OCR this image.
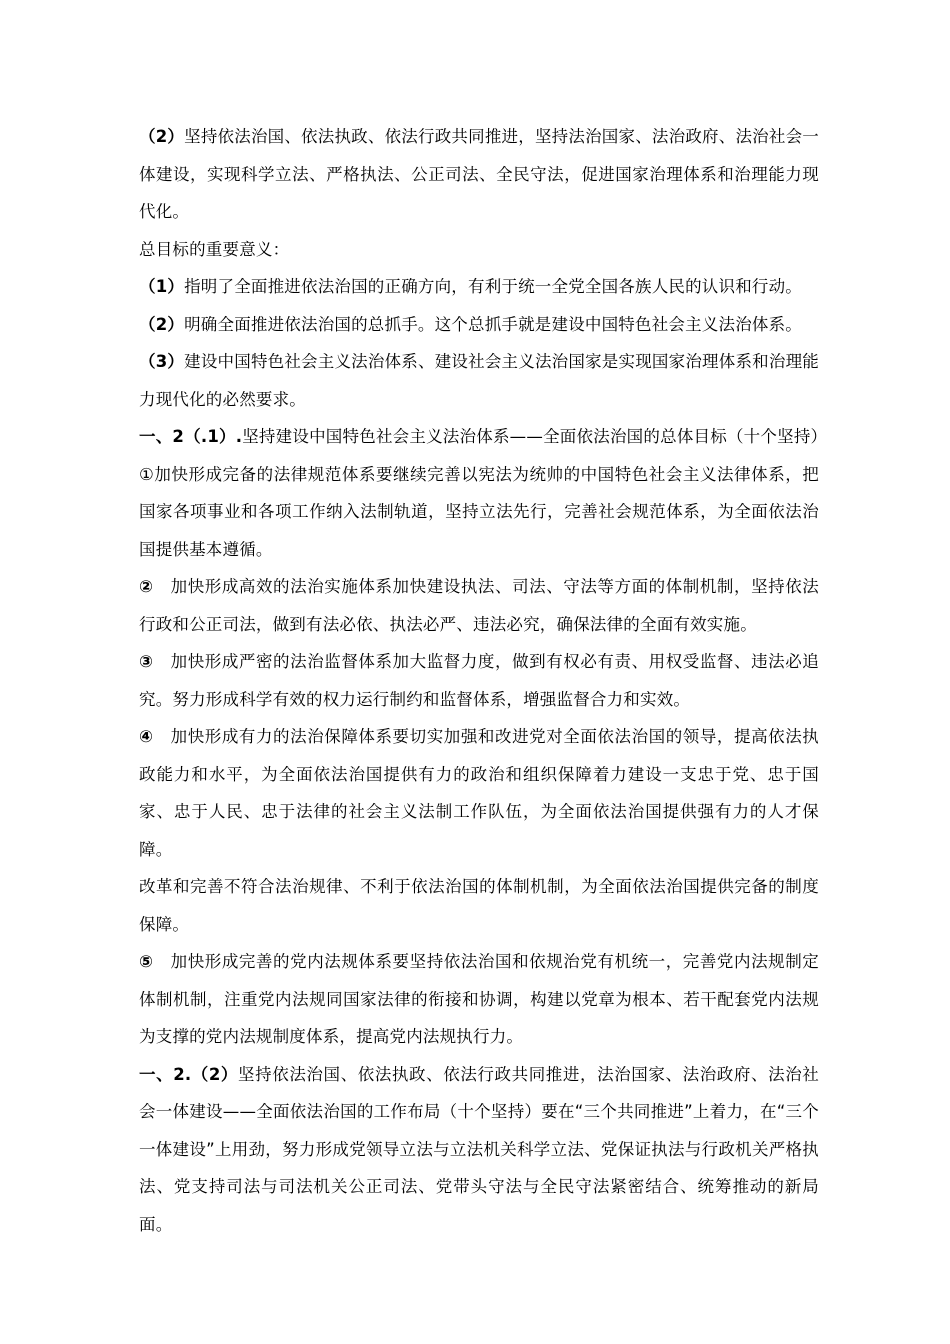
（2）坚持依法治国、依法执政、依法行政共同推进，坚持法治国家、法治政府、法治社会一体建设，实现科学立法、严格执法、公正司法、全民守法，促进国家治理体系和治理能力现代化。

总目标的重要意义：

（1）指明了全面推进依法治国的正确方向，有利于统一全党全国各族人民的认识和行动。

（2）明确全面推进依法治国的总抓手。这个总抓手就是建设中国特色社会主义法治体系。

（3）建设中国特色社会主义法治体系、建设社会主义法治国家是实现国家治理体系和治理能力现代化的必然要求。

一、2（.1）.坚持建设中国特色社会主义法治体系——全面依法治国的总体目标（十个坚持）①加快形成完备的法律规范体系要继续完善以宪法为统帅的中国特色社会主义法律体系，把国家各项事业和各项工作纳入法制轨道，坚持立法先行，完善社会规范体系，为全面依法治国提供基本遵循。

②　加快形成高效的法治实施体系加快建设执法、司法、守法等方面的体制机制，坚持依法行政和公正司法，做到有法必依、执法必严、违法必究，确保法律的全面有效实施。

③　加快形成严密的法治监督体系加大监督力度，做到有权必有责、用权受监督、违法必追究。努力形成科学有效的权力运行制约和监督体系，增强监督合力和实效。

④　加快形成有力的法治保障体系要切实加强和改进党对全面依法治国的领导，提高依法执政能力和水平，为全面依法治国提供有力的政治和组织保障着力建设一支忠于党、忠于国家、忠于人民、忠于法律的社会主义法制工作队伍，为全面依法治国提供强有力的人才保障。

改革和完善不符合法治规律、不利于依法治国的体制机制，为全面依法治国提供完备的制度保障。

⑤　加快形成完善的党内法规体系要坚持依法治国和依规治党有机统一，完善党内法规制定体制机制，注重党内法规同国家法律的衔接和协调，构建以党章为根本、若干配套党内法规为支撑的党内法规制度体系，提高党内法规执行力。

一、2.（2）坚持依法治国、依法执政、依法行政共同推进，法治国家、法治政府、法治社会一体建设——全面依法治国的工作布局（十个坚持）要在“三个共同推进”上着力，在“三个一体建设”上用劲，努力形成党领导立法与立法机关科学立法、党保证执法与行政机关严格执法、党支持司法与司法机关公正司法、党带头守法与全民守法紧密结合、统筹推动的新局面。
